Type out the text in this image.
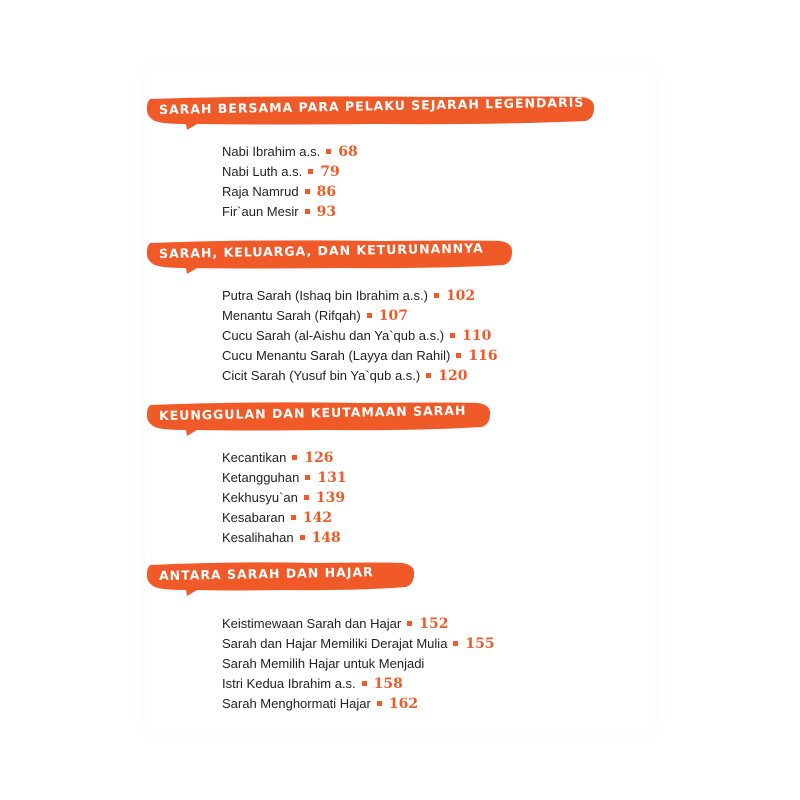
SARAH BERSAMA PARA PELAKU SEJARAH LEGENDARIS
Nabi Ibrahim a.s. 68
Nabi Luth a.s. 79
Raja Namrud 86
Fir`aun Mesir 93
SARAH, KELUARGA, DAN KETURUNANNYA
Putra Sarah (Ishaq bin Ibrahim a.s.) 102
Menantu Sarah (Rifqah) 107
Cucu Sarah (al-Aishu dan Ya`qub a.s.) 110
Cucu Menantu Sarah (Layya dan Rahil) 116
Cicit Sarah (Yusuf bin Ya`qub a.s.) 120
KEUNGGULAN DAN KEUTAMAAN SARAH
Kecantikan 126
Ketangguhan 131
Kekhusyu`an 139
Kesabaran 142
Kesalihahan 148
ANTARA SARAH DAN HAJAR
Keistimewaan Sarah dan Hajar 152
Sarah dan Hajar Memiliki Derajat Mulia 155
Sarah Memilih Hajar untuk Menjadi
Istri Kedua Ibrahim a.s. 158
Sarah Menghormati Hajar 162
